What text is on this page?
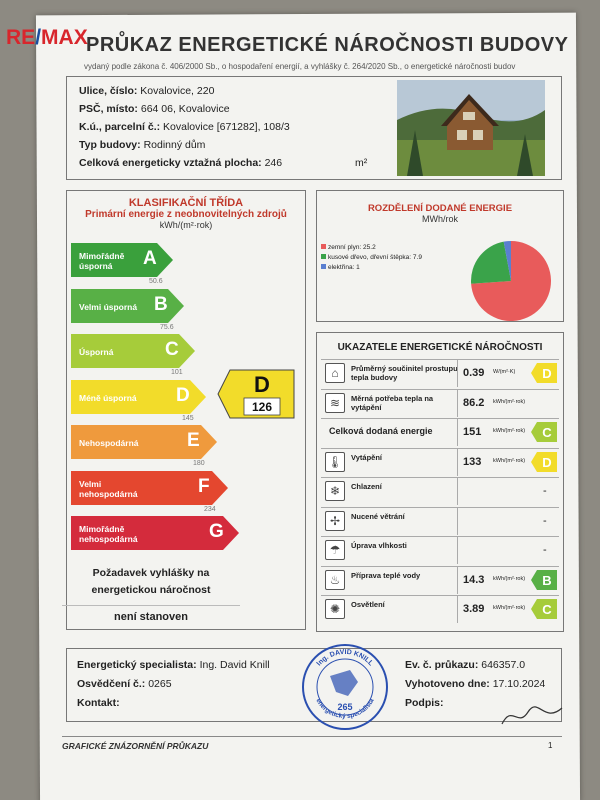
RE/MAX
PRŮKAZ ENERGETICKÉ NÁROČNOSTI BUDOVY
vydaný podle zákona č. 406/2000 Sb., o hospodaření energií, a vyhlášky č. 264/2020 Sb., o energetické náročnosti budov
Ulice, číslo: Kovalovice, 220
PSČ, místo: 664 06, Kovalovice
K.ú., parcelní č.: Kovalovice [671282], 108/3
Typ budovy: Rodinný dům
Celková energeticky vztažná plocha: 246	m²
KLASIFIKAČNÍ TŘÍDA
Primární energie z neobnovitelných zdrojů
kWh/(m²·rok)
Mimořádně úsporná	A
50.6
Velmi úsporná B
75.6
Úsporná	C
101
Méně úsporná	D
145
Nehospodárná	E
180
Velmi nehospodárná	F
234
Mimořádně nehospodárná	G
D
126
Požadavek vyhlášky na energetickou náročnost
není stanoven
ROZDĚLENÍ DODANÉ ENERGIE
MWh/rok
zemní plyn: 25.2
kusové dřevo, dřevní štěpka: 7.9
elektřina: 1
UKAZATELE ENERGETICKÉ NÁROČNOSTI
⌂	Průměrný součinitel prostupu tepla budovy	0.39	W/(m²·K) D
≋	Měrná potřeba tepla na vytápění	86.2	kWh/(m²·rok)
Celková dodaná energie	151	kWh/(m²·rok) C
🌡	Vytápění	133	kWh/(m²·rok) D
❄	Chlazení	-
✢	Nucené větrání	-
☂	Úprava vlhkosti	-
♨	Příprava teplé vody	14.3	kWh/(m²·rok) B
✺	Osvětlení	3.89	kWh/(m²·rok) C
Energetický specialista: Ing. David Knill
Osvědčení č.: 0265
Kontakt:
Ev. č. průkazu: 646357.0
Vyhotoveno dne: 17.10.2024
Podpis:
Ing. DAVID KNILL
energetický specialista
265
GRAFICKÉ ZNÁZORNĚNÍ PRŮKAZU	1
